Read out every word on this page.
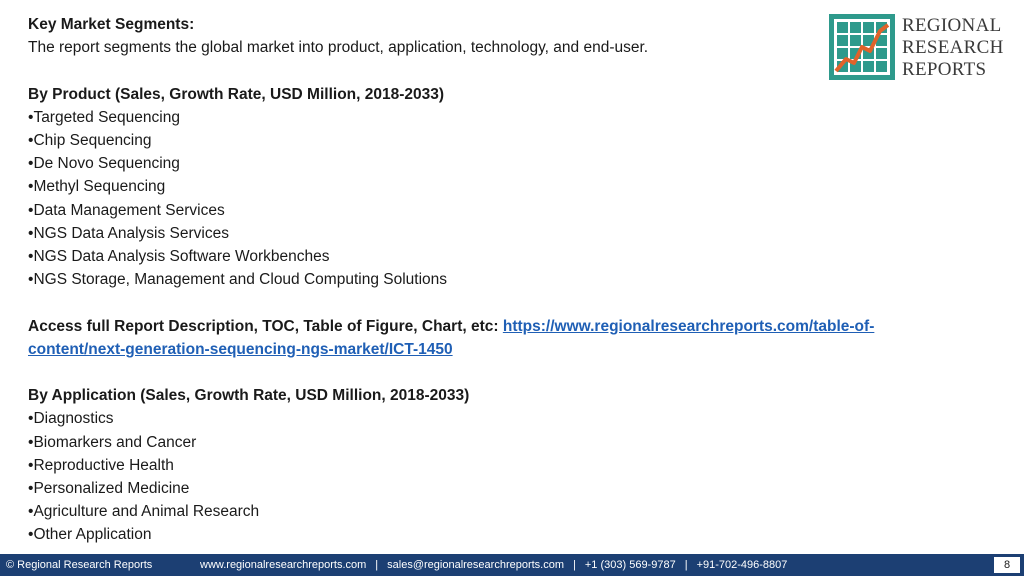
Key Market Segments:
The report segments the global market into product, application, technology, and end-user.
By Product (Sales, Growth Rate, USD Million, 2018-2033)
•Targeted Sequencing
•Chip Sequencing
•De Novo Sequencing
•Methyl Sequencing
•Data Management Services
•NGS Data Analysis Services
•NGS Data Analysis Software Workbenches
•NGS Storage, Management and Cloud Computing Solutions
Access full Report Description, TOC, Table of Figure, Chart, etc: https://www.regionalresearchreports.com/table-of-
content/next-generation-sequencing-ngs-market/ICT-1450
By Application (Sales, Growth Rate, USD Million, 2018-2033)
•Diagnostics
•Biomarkers and Cancer
•Reproductive Health
•Personalized Medicine
•Agriculture and Animal Research
•Other Application
REGIONAL
RESEARCH
REPORTS
© Regional Research Reports	www.regionalresearchreports.com | sales@regionalresearchreports.com | +1 (303) 569-9787 | +91-702-496-8807	8
